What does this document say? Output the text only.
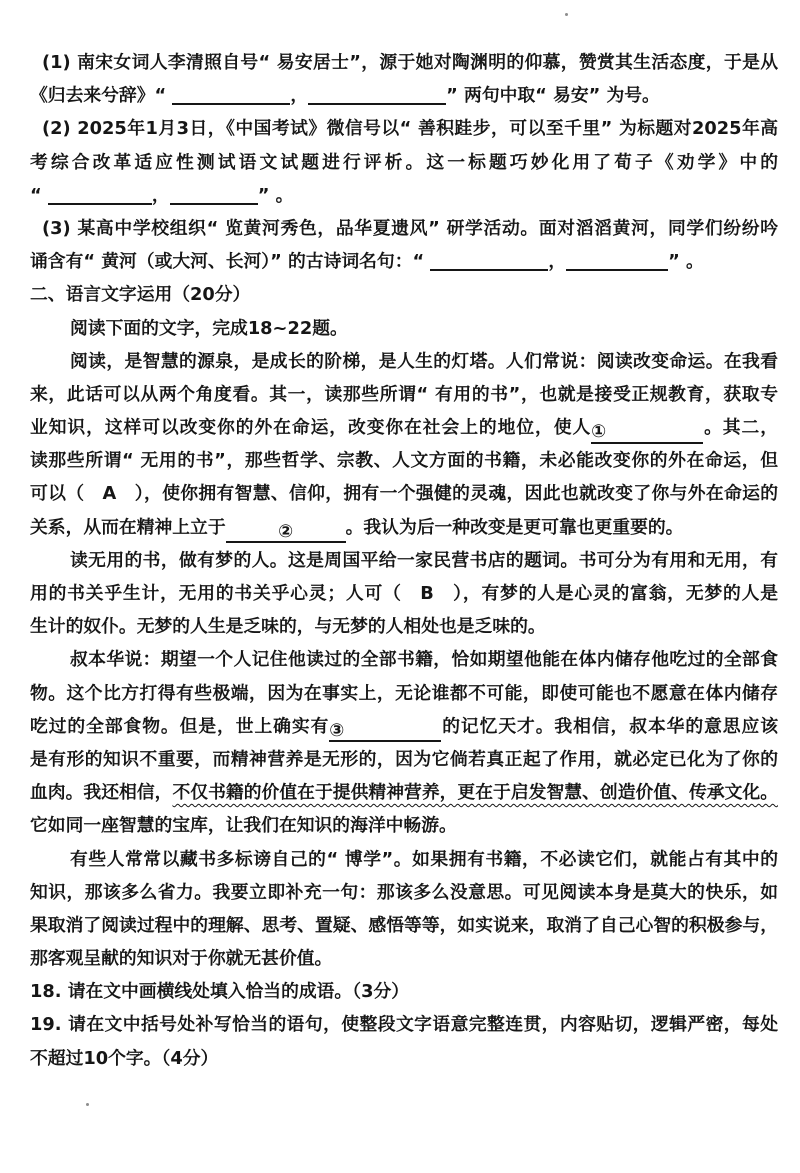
(1) 南宋女词人李清照自号“ 易安居士”，源于她对陶渊明的仰慕，赞赏其生活态度，于是从
《归去来兮辞》“	，	” 两句中取“ 易安” 为号。
(2) 2025年1月3日，《中国考试》微信号以“ 善积跬步，可以至千里” 为标题对2025年高
考综合改革适应性测试语文试题进行评析。这一标题巧妙化用了荀子《劝学》中的
“	，	” 。
(3) 某高中学校组织“ 览黄河秀色，品华夏遗风” 研学活动。面对滔滔黄河，同学们纷纷吟
诵含有“ 黄河（或大河、长河）” 的古诗词名句：“	，	” 。
二、语言文字运用（20分）
阅读下面的文字，完成18~22题。
阅读，是智慧的源泉，是成长的阶梯，是人生的灯塔。人们常说：阅读改变命运。在我看
来，此话可以从两个角度看。其一，读那些所谓“ 有用的书”，也就是接受正规教育，获取专
业知识，这样可以改变你的外在命运，改变你在社会上的地位，使人①	。其二，
读那些所谓“ 无用的书”，那些哲学、宗教、人文方面的书籍，未必能改变你的外在命运，但
可以（　A　），使你拥有智慧、信仰，拥有一个强健的灵魂，因此也就改变了你与外在命运的
关系，从而在精神上立于	②	。我认为后一种改变是更可靠也更重要的。
读无用的书，做有梦的人。这是周国平给一家民营书店的题词。书可分为有用和无用，有
用的书关乎生计，无用的书关乎心灵；人可（　B　），有梦的人是心灵的富翁，无梦的人是
生计的奴仆。无梦的人生是乏味的，与无梦的人相处也是乏味的。
叔本华说：期望一个人记住他读过的全部书籍，恰如期望他能在体内储存他吃过的全部食
物。这个比方打得有些极端，因为在事实上，无论谁都不可能，即使可能也不愿意在体内储存
吃过的全部食物。但是，世上确实有③	的记忆天才。我相信，叔本华的意思应该
是有形的知识不重要，而精神营养是无形的，因为它倘若真正起了作用，就必定已化为了你的
血肉。我还相信，不仅书籍的价值在于提供精神营养，更在于启发智慧、创造价值、传承文化。
它如同一座智慧的宝库，让我们在知识的海洋中畅游。
有些人常常以藏书多标谤自己的“ 博学”。如果拥有书籍，不必读它们，就能占有其中的
知识，那该多么省力。我要立即补充一句：那该多么没意思。可见阅读本身是莫大的快乐，如
果取消了阅读过程中的理解、思考、置疑、感悟等等，如实说来，取消了自己心智的积极参与，
那客观呈献的知识对于你就无甚价值。
18. 请在文中画横线处填入恰当的成语。（3分）
19. 请在文中括号处补写恰当的语句，使整段文字语意完整连贯，内容贴切，逻辑严密，每处
不超过10个字。（4分）
